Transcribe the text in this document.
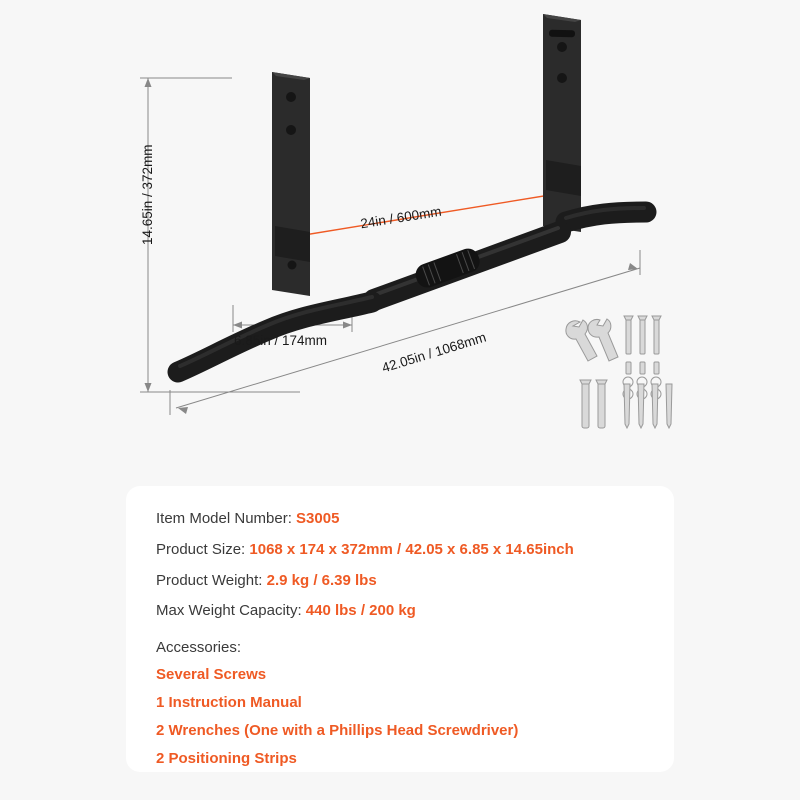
14.65in / 372mm	24in / 600mm
6.85in / 174mm	42.05in / 1068mm
Item Model Number: S3005
Product Size: 1068 x 174 x 372mm / 42.05 x 6.85 x 14.65inch
Product Weight: 2.9 kg / 6.39 lbs
Max Weight Capacity: 440 lbs / 200 kg
Accessories:
Several Screws
1 Instruction Manual
2 Wrenches (One with a Phillips Head Screwdriver)
2 Positioning Strips
